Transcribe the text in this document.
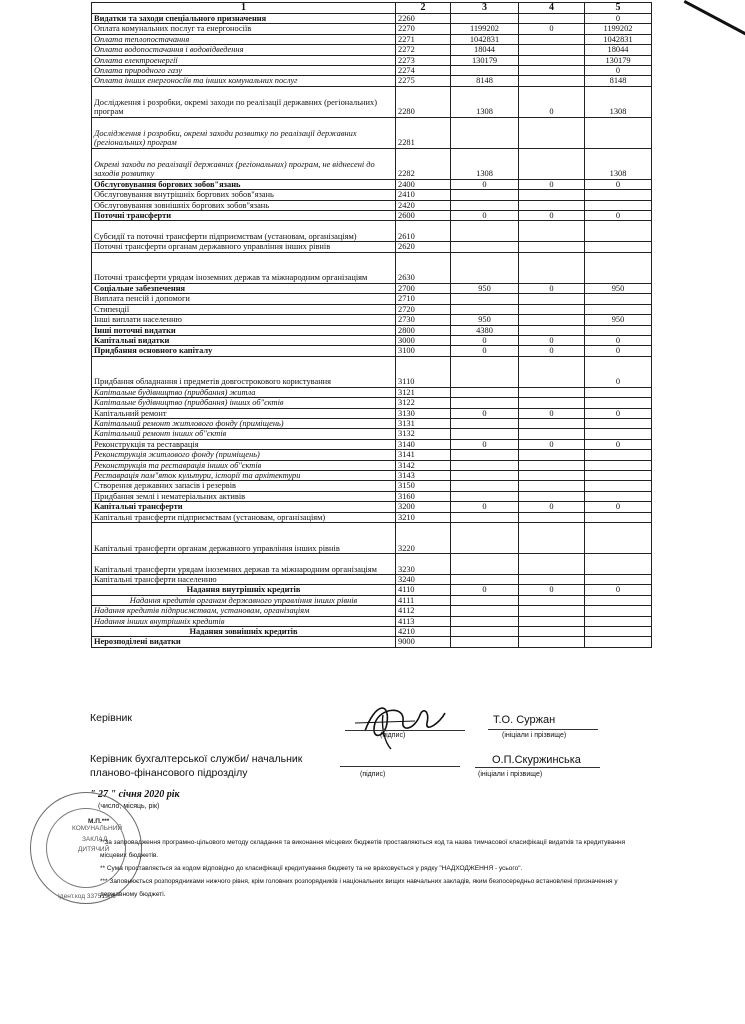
1	2	3	4	5
Видатки та заходи спеціального призначення	2260			0
Оплата комунальних послуг та енергоносіїв	2270	1199202	0	1199202
Оплата теплопостачання	2271	1042831		1042831
Оплата водопостачання і водовідведення	2272	18044		18044
Оплата електроенергії	2273	130179		130179
Оплата природного газу	2274			0
Оплата інших енергоносіїв та інших комунальних послуг	2275	8148		8148
Дослідження і розробки, окремі заходи по реалізації державних (регіональних) програм	2280	1308	0	1308
Дослідження і розробки, окремі заходи розвитку по реалізації державних (регіональних) програм	2281			
Окремі заходи по реалізації державних (регіональних) програм, не віднесені до заходів розвитку	2282	1308		1308
Обслуговування боргових зобов"язань	2400	0	0	0
Обслуговування внутрішніх боргових зобов"язань	2410			
Обслуговування зовнішніх боргових зобов"язань	2420			
Поточні трансферти	2600	0	0	0
Субсидії та поточні трансферти підприємствам (установам, організаціям)	2610			
Поточні трансферти органам державного управління інших рівнів	2620			
Поточні трансферти урядам іноземних держав та міжнародним організаціям	2630			
Соціальне забезпечення	2700	950	0	950
Виплата пенсій і допомоги	2710			
Стипендії	2720			
Інші виплати населенню	2730	950		950
Інші поточні видатки	2800	4380		
Капітальні видатки	3000	0	0	0
Придбання основного капіталу	3100	0	0	0
Придбання обладнання і предметів довгострокового користування	3110			0
Капітальне будівництво (придбання) житла	3121			
Капітальне будівництво (придбання) інших об"єктів	3122			
Капітальний ремонт	3130	0	0	0
Капітальний ремонт житлового фонду (приміщень)	3131			
Капітальний ремонт інших об"єктів	3132			
Реконструкція та реставрація	3140	0	0	0
Реконструкція житлового фонду (приміщень)	3141			
Реконструкція та реставрація інших об"єктів	3142			
Реставрація пам"яток культури, історії та архітектури	3143			
Створення державних запасів і резервів	3150			
Придбання землі і нематеріальних активів	3160			
Капітальні трансферти	3200	0	0	0
Капітальні трансферти підприємствам (установам, організаціям)	3210			
Капітальні трансферти органам державного управління інших рівнів	3220			
Капітальні трансферти урядам іноземних держав та міжнародним організаціям	3230			
Капітальні трансферти населенню	3240			
Надання внутрішніх кредитів	4110	0	0	0
Надання кредитів органам державного управління інших рівнів	4111			
Надання кредитів підприємствам, установам, організаціям	4112			
Надання інших внутрішніх кредитів	4113			
Надання зовнішніх кредитів	4210			
Нерозподілені видатки	9000			
Керівник
(підпис)
Т.О. Суржан
(ініціали і прізвище)
Керівник бухгалтерської служби/ начальник
планово-фінансового підрозділу	(підпис)
О.П.Скуржинська
(ініціали і прізвище)
" 27 " січня 2020 рік
(число, місяць, рік)
КОМУНАЛЬНИЙ
ЗАКЛАД
ДИТЯЧИЙ
Ідент.код 33751906
М.П.***
* За запровадження програмно-цільового методу складання та виконання місцевих бюджетів проставляються код та назва тимчасової класифікації видатків та кредитування місцевих бюджетів.
** Сума проставляється за кодом відповідно до класифікації кредитування бюджету та не враховується у рядку "НАДХОДЖЕННЯ - усього".
*** Заповнюється розпорядниками нижчого рівня, крім головних розпорядників і національних вищих навчальних закладів, яким безпосередньо встановлені призначення у державному бюджеті.
